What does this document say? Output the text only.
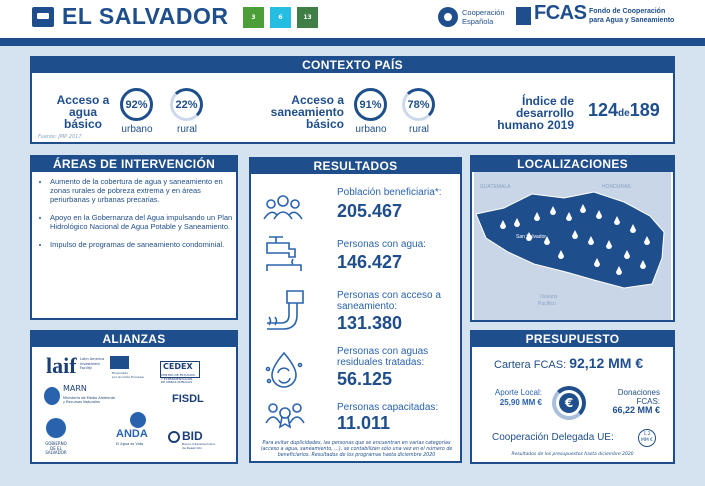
EL SALVADOR	3	6	13
Cooperación
Española	FCAS Fondo de Cooperación
para Agua y Saneamiento
CONTEXTO PAÍS
Acceso a
agua
básico
92%
urbano
22%
rural
Acceso a
saneamiento
básico
91%
urbano
78%
rural
Índice de
desarrollo
humano 2019
124de189
Fuente: JMP 2017
ÁREAS DE INTERVENCIÓN
• Aumento de la cobertura de agua y saneamiento en zonas rurales de pobreza extrema y en áreas periurbanas y urbanas precarias.
• Apoyo en la Gobernanza del Agua impulsando un Plan Hidrológico Nacional de Agua Potable y Saneamiento.
• Impulso de programas de saneamiento condominial.
RESULTADOS
Población beneficiaria*:
205.467
Personas con agua:
146.427
Personas con acceso a saneamiento:
131.380
Personas con aguas residuales tratadas:
56.125
Personas capacitadas:
11.011
Para evitar duplicidades, las personas que se encuentran en varias categorías (acceso a agua, saneamiento, ...), se contabilizan sólo una vez en el número de beneficiarios. Resultados de los programas hasta diciembre 2020
LOCALIZACIONES
GUATEMALA	HONDURAS
San Salvador
Océano
Pacífico
ALIANZAS
laif Latin America
Investment
Facility
Financiado
por la Unión Europea
CEDEX
CENTRO DE ESTUDIOS
Y EXPERIMENTACIÓN
DE OBRAS PÚBLICAS
MARN
Ministerio de Medio Ambiente
y Recursos Naturales	FISDL
GOBIERNO
DE EL SALVADOR
ANDA
El Agua es Vida
BID
Banco Interamericano
de Desarrollo
PRESUPUESTO
Cartera FCAS: 92,12 MM €
Aporte Local:
25,90 MM €	€
Donaciones
FCAS:
66,22 MM €
Cooperación Delegada UE:	1,2
MM €
Resultados de los presupuestos hasta diciembre 2020
